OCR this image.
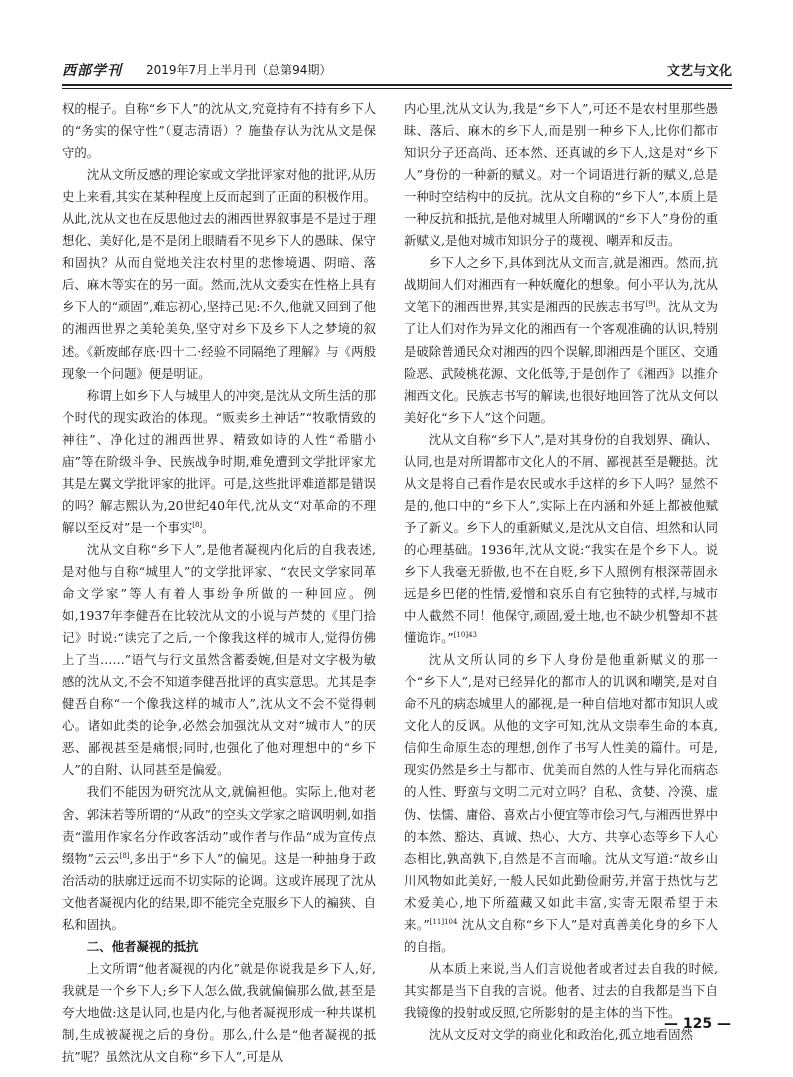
西部学刊 2019年7月上半月刊（总第94期）	文艺与文化

权的棍子。自称“乡下人”的沈从文,究竟持有不持有乡下人的“务实的保守性”（夏志清语）？施蛰存认为沈从文是保守的。

沈从文所反感的理论家或文学批评家对他的批评,从历史上来看,其实在某种程度上反而起到了正面的积极作用。从此,沈从文也在反思他过去的湘西世界叙事是不是过于理想化、美好化,是不是闭上眼睛看不见乡下人的愚昧、保守和固执？从而自觉地关注农村里的悲惨境遇、阴暗、落后、麻木等实在的另一面。然而,沈从文委实在性格上具有乡下人的“顽固”,难忘初心,坚持己见:不久,他就又回到了他的湘西世界之美轮美奂,坚守对乡下及乡下人之梦境的叙述。《新废邮存底·四十二·经验不同隔绝了理解》与《两般现象一个问题》便是明证。

称谓上如乡下人与城里人的冲突,是沈从文所生活的那个时代的现实政治的体现。“贩卖乡土神话”“牧歌情致的神往”、净化过的湘西世界、精致如诗的人性“希腊小庙”等在阶级斗争、民族战争时期,难免遭到文学批评家尤其是左翼文学批评家的批评。可是,这些批评难道都是错误的吗？解志熙认为,20世纪40年代,沈从文“对革命的不理解以至反对”是一个事实[8]。

沈从文自称“乡下人”,是他者凝视内化后的自我表述,是对他与自称“城里人”的文学批评家、“农民文学家同革命文学家”等人有着人事纷争所做的一种回应。例如,1937年李健吾在比较沈从文的小说与芦焚的《里门拾记》时说:“读完了之后,一个像我这样的城市人,觉得仿佛上了当……”语气与行文虽然含蓄委婉,但是对文字极为敏感的沈从文,不会不知道李健吾批评的真实意思。尤其是李健吾自称“一个像我这样的城市人”,沈从文不会不觉得刺心。诸如此类的论争,必然会加强沈从文对“城市人”的厌恶、鄙视甚至是痛恨;同时,也强化了他对理想中的“乡下人”的自附、认同甚至是偏爱。

我们不能因为研究沈从文,就偏袒他。实际上,他对老舍、郭沫若等所谓的“从政”的空头文学家之暗讽明刺,如指责“滥用作家名分作政客活动”或作者与作品“成为宣传点缀物”云云[8],多出于“乡下人”的偏见。这是一种抽身于政治活动的肤廓迂远而不切实际的论调。这或许展现了沈从文他者凝视内化的结果,即不能完全克服乡下人的褊狭、自私和固执。

二、他者凝视的抵抗

上文所谓“他者凝视的内化”就是你说我是乡下人,好,我就是一个乡下人;乡下人怎么做,我就偏偏那么做,甚至是夸大地做:这是认同,也是内化,与他者凝视形成一种共谋机制,生成被凝视之后的身份。那么,什么是“他者凝视的抵抗”呢？虽然沈从文自称“乡下人”,可是从

内心里,沈从文认为,我是“乡下人”,可还不是农村里那些愚昧、落后、麻木的乡下人,而是别一种乡下人,比你们都市知识分子还高尚、还本然、还真诚的乡下人,这是对“乡下人”身份的一种新的赋义。对一个词语进行新的赋义,总是一种时空结构中的反抗。沈从文自称的“乡下人”,本质上是一种反抗和抵抗,是他对城里人所嘲讽的“乡下人”身份的重新赋义,是他对城市知识分子的蔑视、嘲弄和反击。

乡下人之乡下,具体到沈从文而言,就是湘西。然而,抗战期间人们对湘西有一种妖魔化的想象。何小平认为,沈从文笔下的湘西世界,其实是湘西的民族志书写[9]。沈从文为了让人们对作为异文化的湘西有一个客观准确的认识,特别是破除普通民众对湘西的四个误解,即湘西是个匪区、交通险恶、武陵桃花源、文化低等,于是创作了《湘西》以推介湘西文化。民族志书写的解读,也很好地回答了沈从文何以美好化“乡下人”这个问题。

沈从文自称“乡下人”,是对其身份的自我划界、确认、认同,也是对所谓都市文化人的不屑、鄙视甚至是鞭挞。沈从文是将自己看作是农民或水手这样的乡下人吗？显然不是的,他口中的“乡下人”,实际上在内涵和外延上都被他赋予了新义。乡下人的重新赋义,是沈从文自信、坦然和认同的心理基础。1936年,沈从文说:“我实在是个乡下人。说乡下人我毫无骄傲,也不在自贬,乡下人照例有根深蒂固永远是乡巴佬的性情,爱憎和哀乐自有它独特的式样,与城市中人截然不同！他保守,顽固,爱土地,也不缺少机警却不甚懂诡诈。”$^{[10]43}$

沈从文所认同的乡下人身份是他重新赋义的那一个“乡下人”,是对已经异化的都市人的讥讽和嘲笑,是对自命不凡的病态城里人的鄙视,是一种自信地对都市知识人或文化人的反讽。从他的文字可知,沈从文崇奉生命的本真,信仰生命原生态的理想,创作了书写人性美的篇什。可是,现实仍然是乡土与都市、优美而自然的人性与异化而病态的人性、野蛮与文明二元对立吗？自私、贪婪、冷漠、虚伪、怯懦、庸俗、喜欢占小便宜等市侩习气,与湘西世界中的本然、豁达、真诚、热心、大方、共享心态等乡下人心态相比,孰高孰下,自然是不言而喻。沈从文写道:“故乡山川风物如此美好,一般人民如此勤俭耐劳,并富于热忱与艺术爱美心,地下所蕴藏又如此丰富,实寄无限希望于未来。”$^{[11]104}$ 沈从文自称“乡下人”是对真善美化身的乡下人的自指。

从本质上来说,当人们言说他者或者过去自我的时候,其实都是当下自我的言说。他者、过去的自我都是当下自我镜像的投射或反照,它所影射的是主体的当下性。

沈从文反对文学的商业化和政治化,孤立地看固然

— 125 —
